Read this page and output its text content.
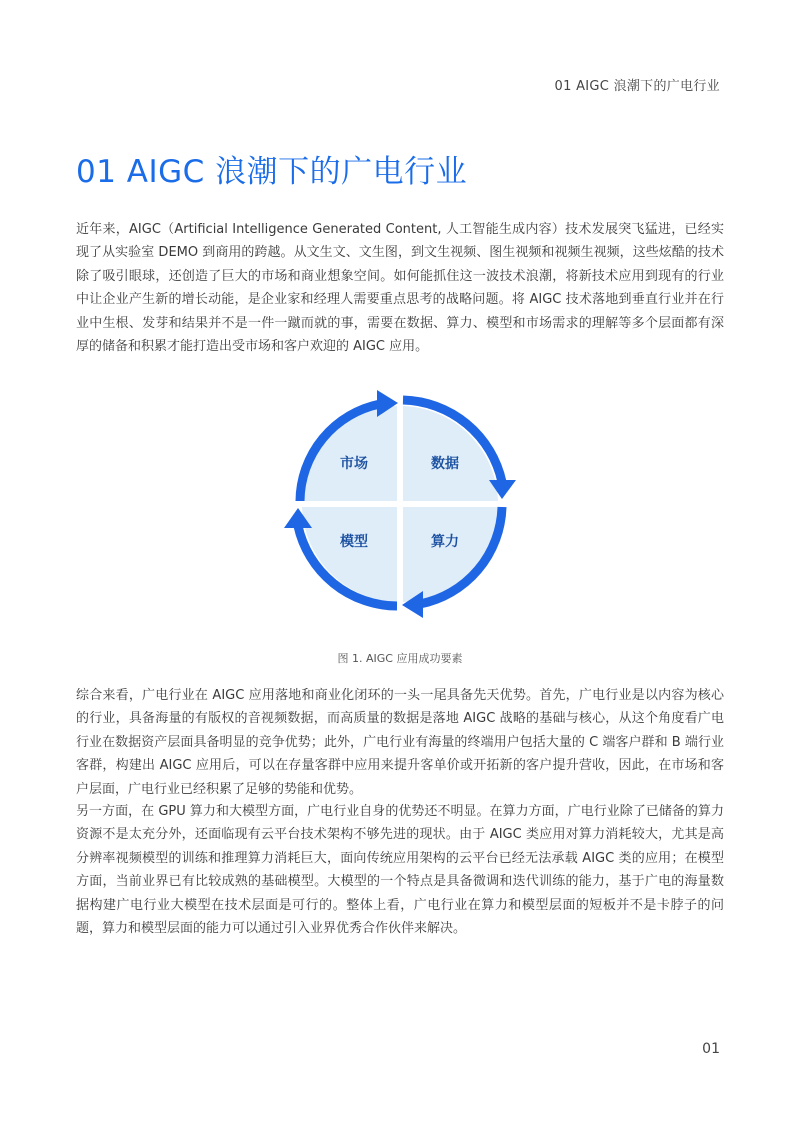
01 AIGC 浪潮下的广电行业
01 AIGC 浪潮下的广电行业

近年来，AIGC（Artificial Intelligence Generated Content, 人工智能生成内容）技术发展突飞猛进，已经实现了从实验室 DEMO 到商用的跨越。从文生文、文生图，到文生视频、图生视频和视频生视频，这些炫酷的技术除了吸引眼球，还创造了巨大的市场和商业想象空间。如何能抓住这一波技术浪潮，将新技术应用到现有的行业中让企业产生新的增长动能，是企业家和经理人需要重点思考的战略问题。将 AIGC 技术落地到垂直行业并在行业中生根、发芽和结果并不是一件一蹴而就的事，需要在数据、算力、模型和市场需求的理解等多个层面都有深厚的储备和积累才能打造出受市场和客户欢迎的 AIGC 应用。

市场	数据
模型	算力
图 1. AIGC 应用成功要素

综合来看，广电行业在 AIGC 应用落地和商业化闭环的一头一尾具备先天优势。首先，广电行业是以内容为核心的行业，具备海量的有版权的音视频数据，而高质量的数据是落地 AIGC 战略的基础与核心，从这个角度看广电行业在数据资产层面具备明显的竞争优势；此外，广电行业有海量的终端用户包括大量的 C 端客户群和 B 端行业客群，构建出 AIGC 应用后，可以在存量客群中应用来提升客单价或开拓新的客户提升营收，因此，在市场和客户层面，广电行业已经积累了足够的势能和优势。

另一方面，在 GPU 算力和大模型方面，广电行业自身的优势还不明显。在算力方面，广电行业除了已储备的算力资源不是太充分外，还面临现有云平台技术架构不够先进的现状。由于 AIGC 类应用对算力消耗较大，尤其是高分辨率视频模型的训练和推理算力消耗巨大，面向传统应用架构的云平台已经无法承载 AIGC 类的应用；在模型方面，当前业界已有比较成熟的基础模型。大模型的一个特点是具备微调和迭代训练的能力，基于广电的海量数据构建广电行业大模型在技术层面是可行的。整体上看，广电行业在算力和模型层面的短板并不是卡脖子的问题，算力和模型层面的能力可以通过引入业界优秀合作伙伴来解决。

01
